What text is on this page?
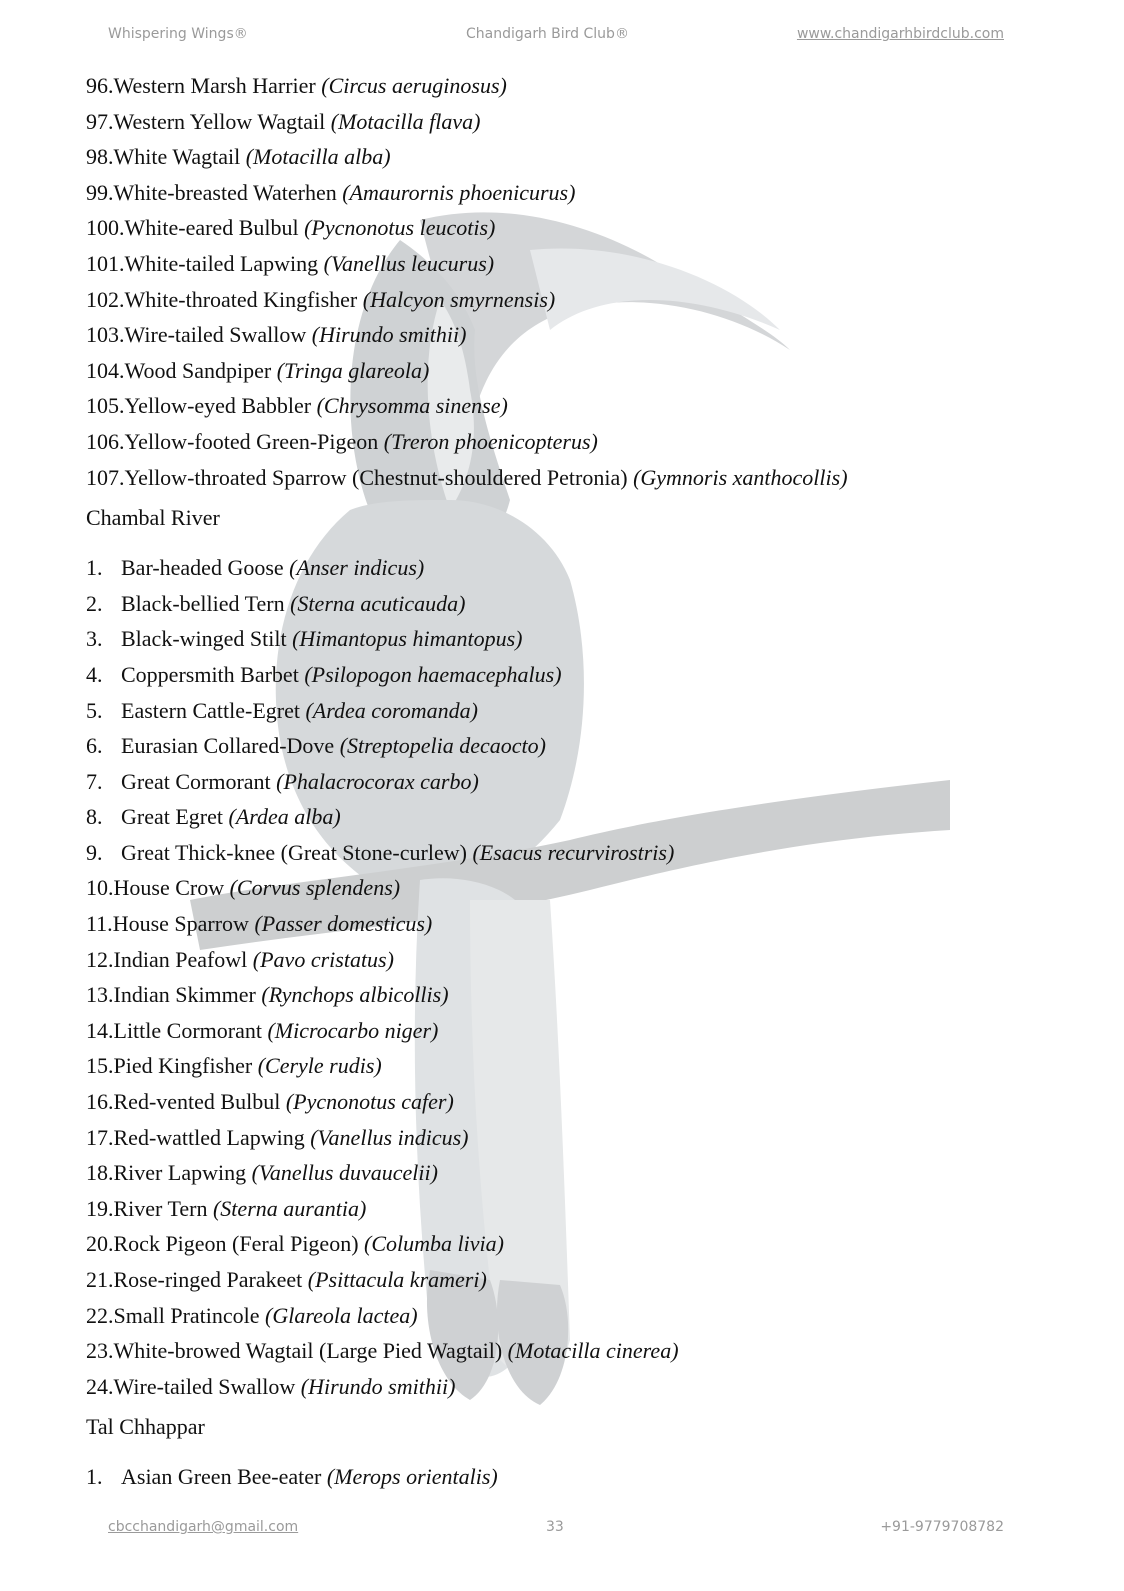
Whispering Wings®	Chandigarh Bird Club®	www.chandigarhbirdclub.com
96.Western Marsh Harrier (Circus aeruginosus)
97.Western Yellow Wagtail (Motacilla flava)
98.White Wagtail (Motacilla alba)
99.White-breasted Waterhen (Amaurornis phoenicurus)
100.White-eared Bulbul (Pycnonotus leucotis)
101.White-tailed Lapwing (Vanellus leucurus)
102.White-throated Kingfisher (Halcyon smyrnensis)
103.Wire-tailed Swallow (Hirundo smithii)
104.Wood Sandpiper (Tringa glareola)
105.Yellow-eyed Babbler (Chrysomma sinense)
106.Yellow-footed Green-Pigeon (Treron phoenicopterus)
107.Yellow-throated Sparrow (Chestnut-shouldered Petronia) (Gymnoris xanthocollis)
Chambal River
1. Bar-headed Goose (Anser indicus)
2. Black-bellied Tern (Sterna acuticauda)
3. Black-winged Stilt (Himantopus himantopus)
4. Coppersmith Barbet (Psilopogon haemacephalus)
5. Eastern Cattle-Egret (Ardea coromanda)
6. Eurasian Collared-Dove (Streptopelia decaocto)
7. Great Cormorant (Phalacrocorax carbo)
8. Great Egret (Ardea alba)
9. Great Thick-knee (Great Stone-curlew) (Esacus recurvirostris)
10.House Crow (Corvus splendens)
11.House Sparrow (Passer domesticus)
12.Indian Peafowl (Pavo cristatus)
13.Indian Skimmer (Rynchops albicollis)
14.Little Cormorant (Microcarbo niger)
15.Pied Kingfisher (Ceryle rudis)
16.Red-vented Bulbul (Pycnonotus cafer)
17.Red-wattled Lapwing (Vanellus indicus)
18.River Lapwing (Vanellus duvaucelii)
19.River Tern (Sterna aurantia)
20.Rock Pigeon (Feral Pigeon) (Columba livia)
21.Rose-ringed Parakeet (Psittacula krameri)
22.Small Pratincole (Glareola lactea)
23.White-browed Wagtail (Large Pied Wagtail) (Motacilla cinerea)
24.Wire-tailed Swallow (Hirundo smithii)
Tal Chhappar
1. Asian Green Bee-eater (Merops orientalis)
cbcchandigarh@gmail.com	33	+91-9779708782
